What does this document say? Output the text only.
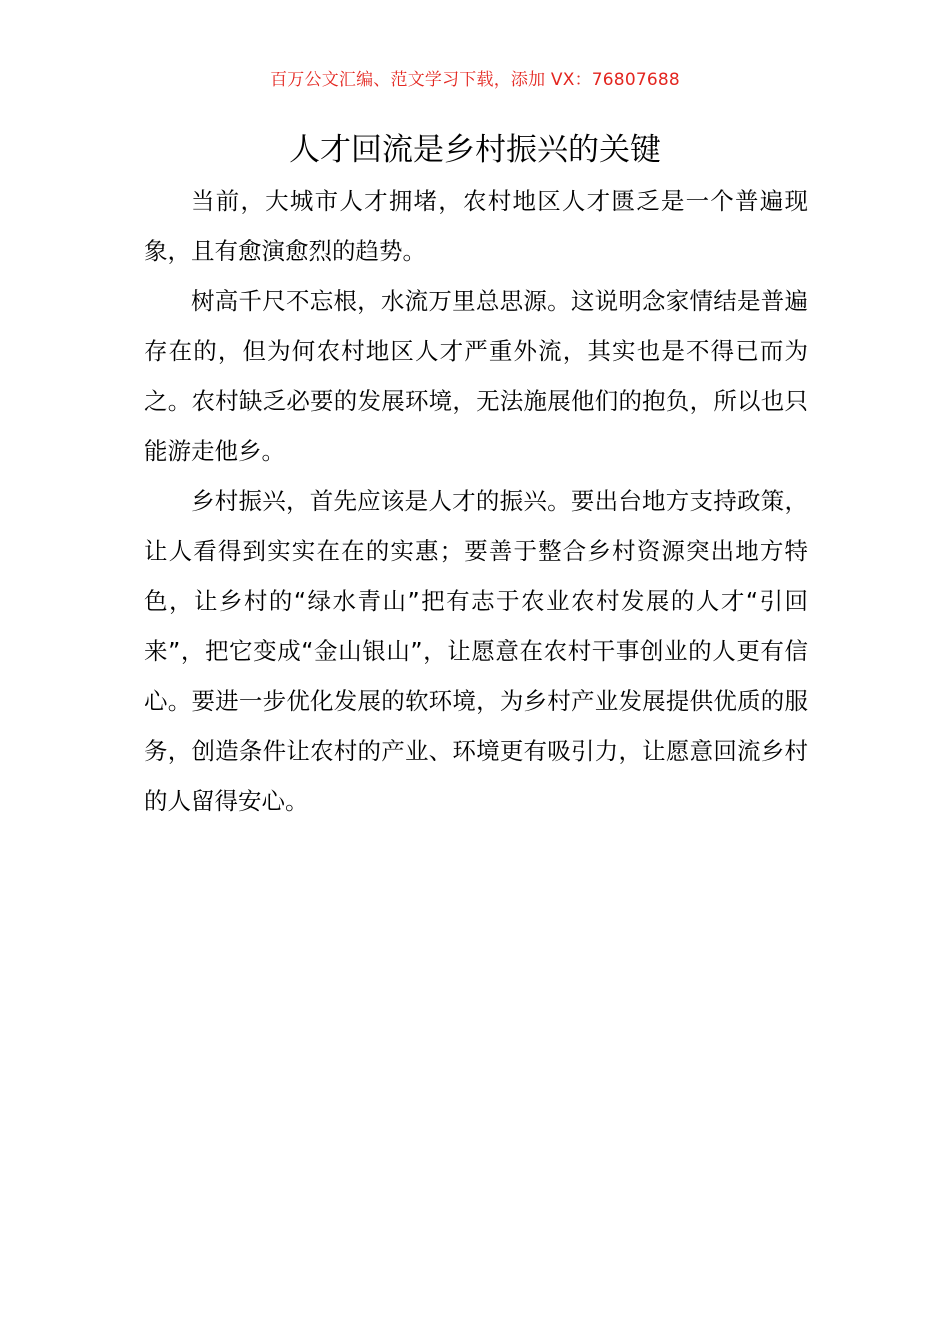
百万公文汇编、范文学习下载，添加 VX：76807688
人才回流是乡村振兴的关键

当前，大城市人才拥堵，农村地区人才匮乏是一个普遍现象，且有愈演愈烈的趋势。

树高千尺不忘根，水流万里总思源。这说明念家情结是普遍存在的，但为何农村地区人才严重外流，其实也是不得已而为之。农村缺乏必要的发展环境，无法施展他们的抱负，所以也只能游走他乡。

乡村振兴，首先应该是人才的振兴。要出台地方支持政策，让人看得到实实在在的实惠；要善于整合乡村资源突出地方特色，让乡村的“绿水青山”把有志于农业农村发展的人才“引回来”，把它变成“金山银山”，让愿意在农村干事创业的人更有信心。要进一步优化发展的软环境，为乡村产业发展提供优质的服务，创造条件让农村的产业、环境更有吸引力，让愿意回流乡村的人留得安心。
